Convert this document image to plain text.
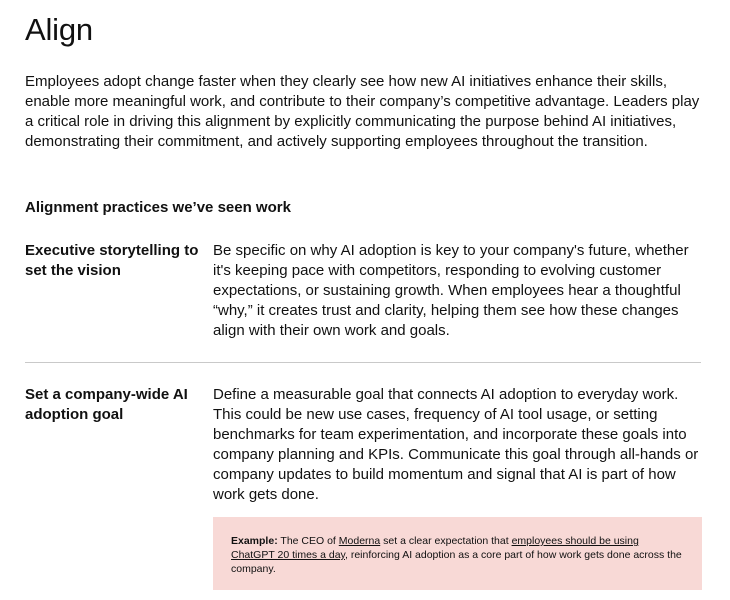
Align

Employees adopt change faster when they clearly see how new AI initiatives enhance their skills, enable more meaningful work, and contribute to their company’s competitive advantage. Leaders play a critical role in driving this alignment by explicitly communicating the purpose behind AI initiatives, demonstrating their commitment, and actively supporting employees throughout the transition.

Alignment practices we’ve seen work

Executive storytelling to set the vision

Be specific on why AI adoption is key to your company's future, whether it's keeping pace with competitors, responding to evolving customer expectations, or sustaining growth. When employees hear a thoughtful “why,” it creates trust and clarity, helping them see how these changes align with their own work and goals.

Set a company-wide AI adoption goal

Define a measurable goal that connects AI adoption to everyday work. This could be new use cases, frequency of AI tool usage, or setting benchmarks for team experimentation, and incorporate these goals into company planning and KPIs. Communicate this goal through all-hands or company updates to build momentum and signal that AI is part of how work gets done.

Example: The CEO of Moderna set a clear expectation that employees should be using ChatGPT 20 times a day, reinforcing AI adoption as a core part of how work gets done across the company.
